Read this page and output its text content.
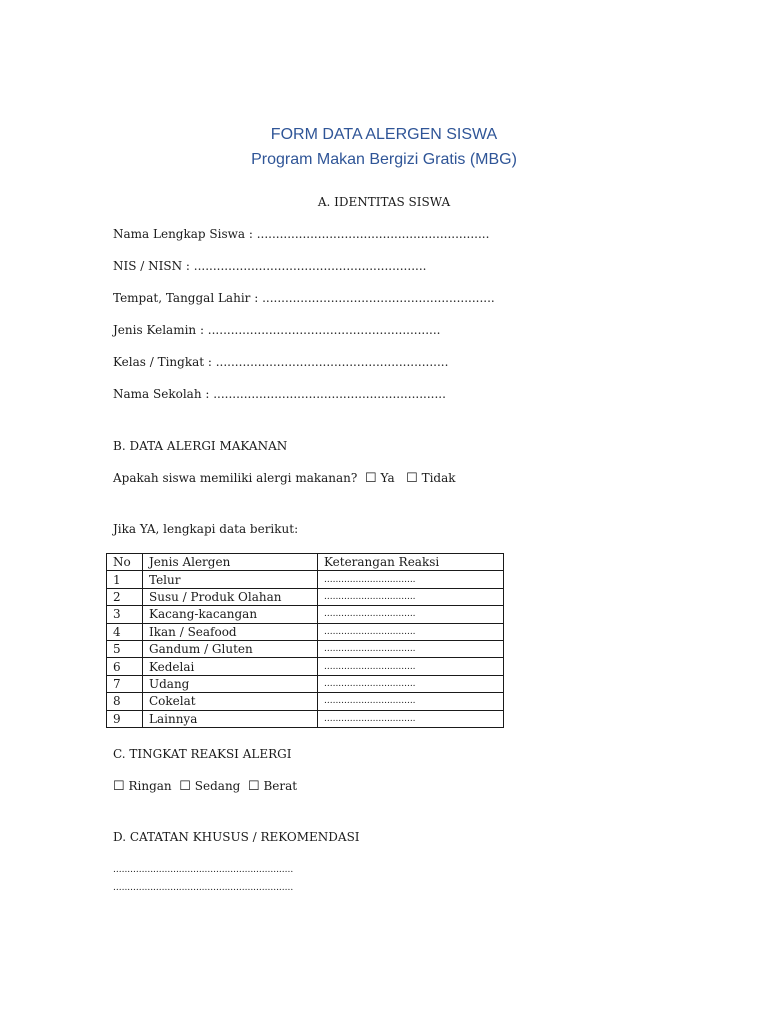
FORM DATA ALERGEN SISWA
Program Makan Bergizi Gratis (MBG)
A. IDENTITAS SISWA
Nama Lengkap Siswa : .............................................................
NIS / NISN : .............................................................
Tempat, Tanggal Lahir : .............................................................
Jenis Kelamin : .............................................................
Kelas / Tingkat : .............................................................
Nama Sekolah : .............................................................
B. DATA ALERGI MAKANAN
Apakah siswa memiliki alergi makanan? ☐ Ya ☐ Tidak
Jika YA, lengkapi data berikut:
No	Jenis Alergen	Keterangan Reaksi
1	Telur	................................
2	Susu / Produk Olahan	................................
3	Kacang-kacangan	................................
4	Ikan / Seafood	................................
5	Gandum / Gluten	................................
6	Kedelai	................................
7	Udang	................................
8	Cokelat	................................
9	Lainnya	................................
C. TINGKAT REAKSI ALERGI
☐ Ringan ☐ Sedang ☐ Berat
D. CATATAN KHUSUS / REKOMENDASI
...............................................................
...............................................................
